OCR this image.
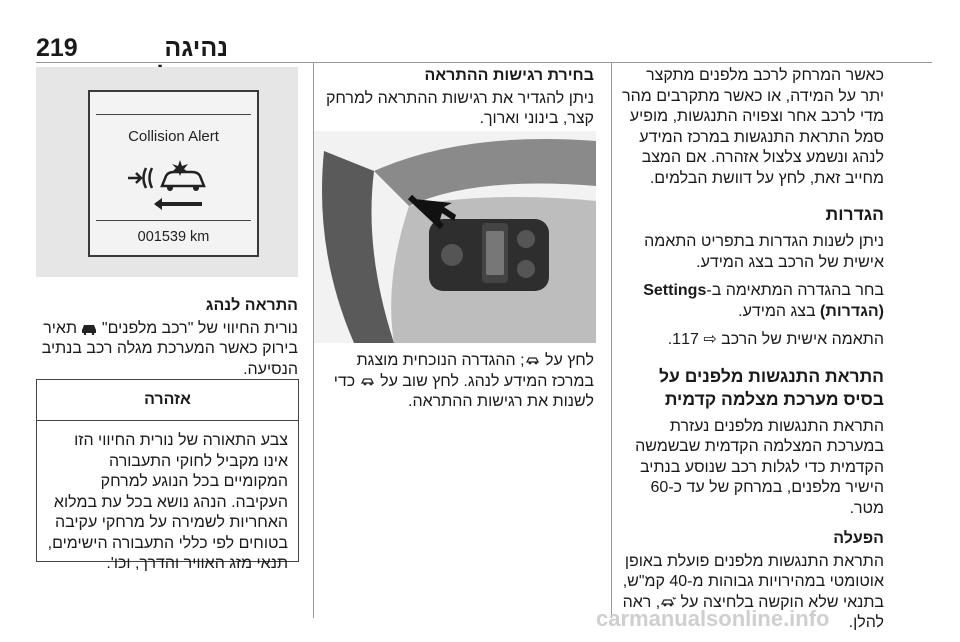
219	נהיגה

כאשר המרחק לרכב מלפנים מתקצר יתר על המידה, או כאשר מתקרבים מהר מדי לרכב אחר וצפויה התנגשות, מופיע סמל התראת התנגשות במרכז המידע לנהג ונשמע צלצול אזהרה. אם המצב מחייב זאת, לחץ על דוושת הבלמים.

הגדרות

ניתן לשנות הגדרות בתפריט התאמה אישית של הרכב בצג המידע.

בחר בהגדרה המתאימה ב-Settings
(הגדרות) בצג המידע.

התאמה אישית של הרכב ⇨ 117.

התראת התנגשות מלפנים על בסיס מערכת מצלמה קדמית

התראת התנגשות מלפנים נעזרת במערכת המצלמה הקדמית שבשמשה הקדמית כדי לגלות רכב שנוסע בנתיב הישיר מלפנים, במרחק של עד כ-60 מטר.

הפעלה

התראת התנגשות מלפנים פועלת באופן אוטומטי במהירויות גבוהות מ-40 קמ"ש, בתנאי שלא הוקשה בלחיצה על , ראה להלן.

בחירת רגישות ההתראה

ניתן להגדיר את רגישות ההתראה למרחק קצר, בינוני וארוך.

לחץ על ; ההגדרה הנוכחית מוצגת במרכז המידע לנהג. לחץ שוב על  כדי לשנות את רגישות ההתראה.

Collision Alert
001539 km
התראה לנהג

נורית החיווי של "רכב מלפנים"  תאיר בירוק כאשר המערכת מגלה רכב בנתיב הנסיעה.

אזהרה
צבע התאורה של נורית החיווי הזו אינו מקביל לחוקי התעבורה המקומיים בכל הנוגע למרחק העקיבה. הנהג נושא בכל עת במלוא האחריות לשמירה על מרחקי עקיבה בטוחים לפי כללי התעבורה הישימים, תנאי מזג האוויר והדרך, וכו'.
carmanualsonline.info
